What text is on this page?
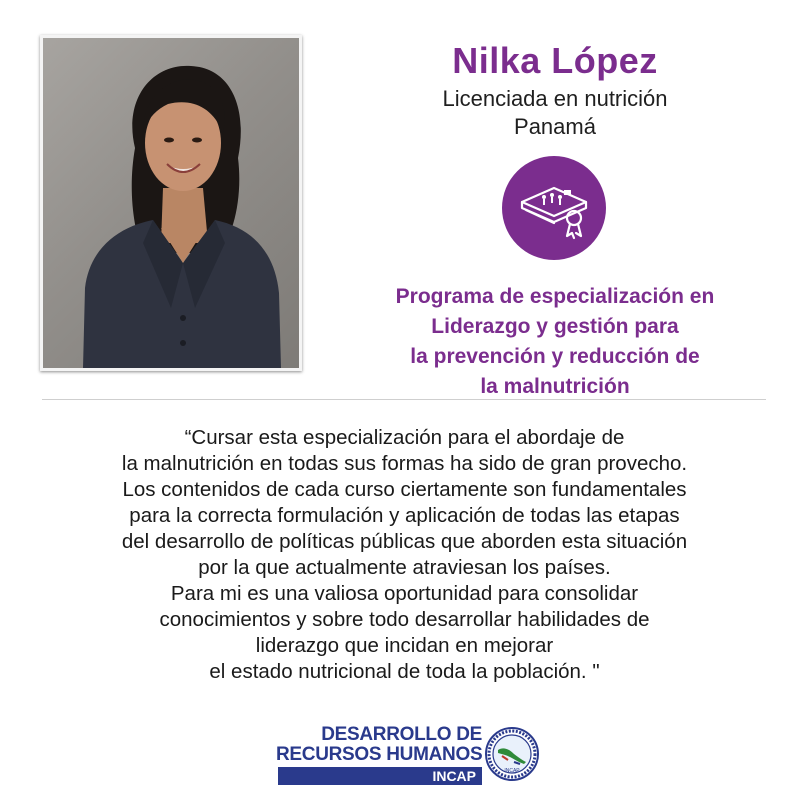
Nilka López
Licenciada en nutrición
Panamá
Programa de especialización en
Liderazgo y gestión para
la prevención y reducción de
la malnutrición
“Cursar esta especialización para el abordaje de
la malnutrición en todas sus formas ha sido de gran provecho.
Los contenidos de cada curso ciertamente son fundamentales
para la correcta formulación y aplicación de todas las etapas
del desarrollo de políticas públicas que aborden esta situación
por la que actualmente atraviesan los países.
Para mi es una valiosa oportunidad para consolidar
conocimientos y sobre todo desarrollar habilidades de
liderazgo que incidan en mejorar
el estado nutricional de toda la población. "
DESARROLLO DE
RECURSOS HUMANOS
INCAP	INCAP
